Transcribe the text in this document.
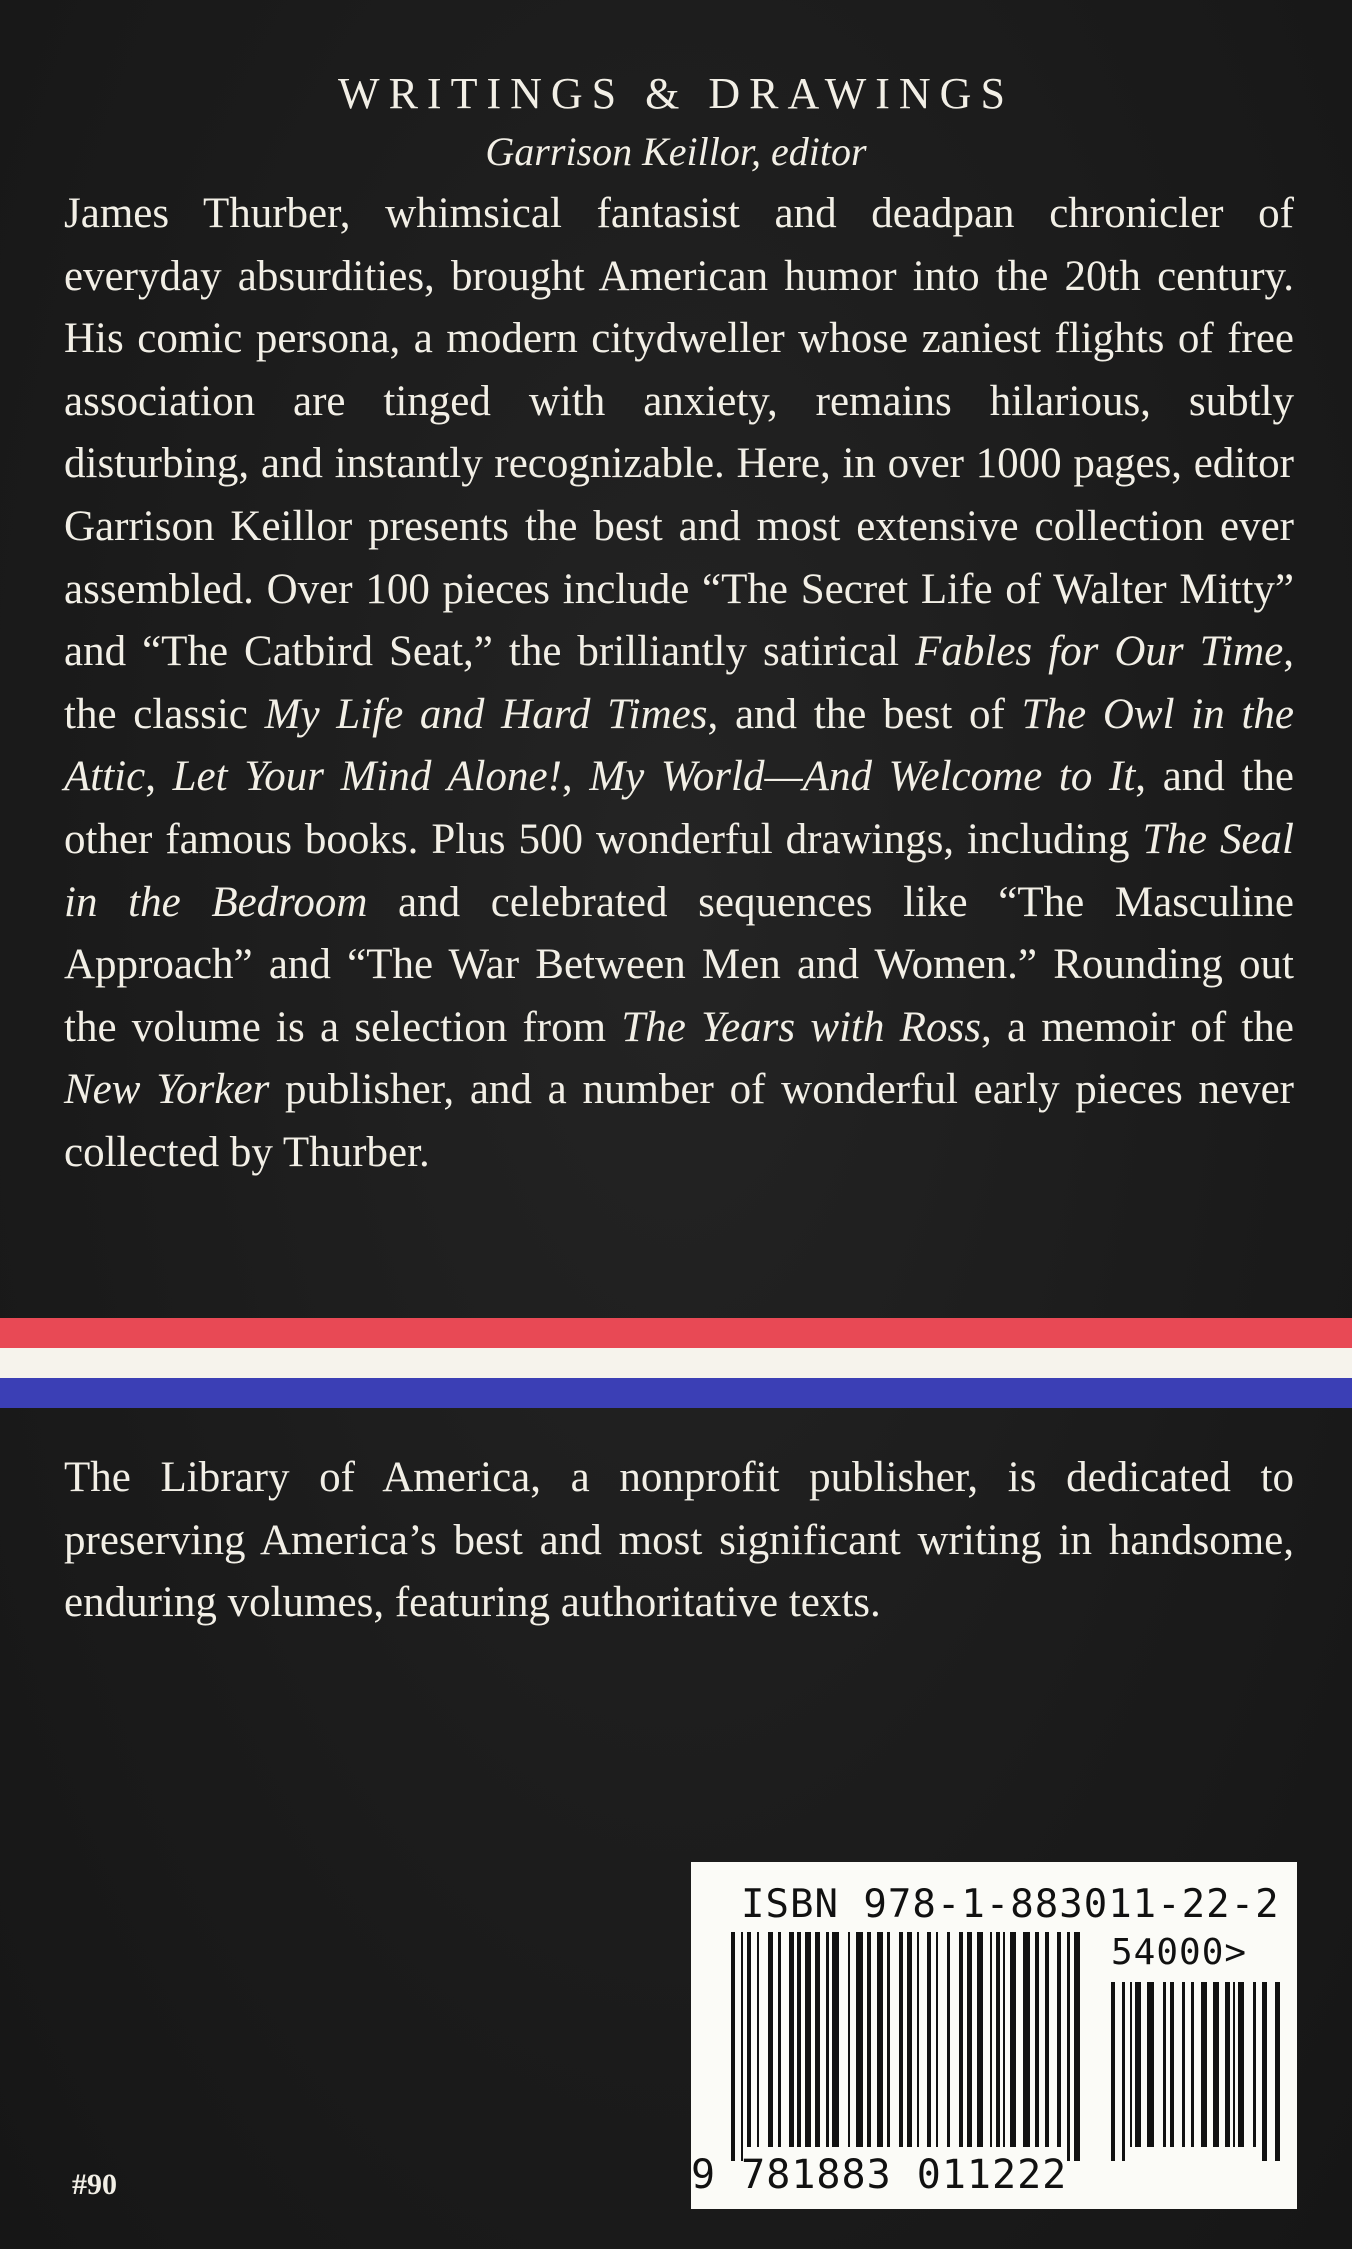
WRITINGS & DRAWINGS
Garrison Keillor, editor
James Thurber, whimsical fantasist and deadpan chronicler of everyday absurdities, brought American humor into the 20th century. His comic persona, a modern citydweller whose zaniest flights of free association are tinged with anxiety, remains hilarious, subtly disturbing, and instantly recognizable. Here, in over 1000 pages, editor Garrison Keillor presents the best and most extensive collection ever assembled. Over 100 pieces include “The Secret Life of Walter Mitty” and “The Catbird Seat,” the brilliantly satirical Fables for Our Time, the classic My Life and Hard Times, and the best of The Owl in the Attic, Let Your Mind Alone!, My World—And Welcome to It, and the other famous books. Plus 500 wonderful drawings, including The Seal in the Bedroom and celebrated sequences like “The Masculine Approach” and “The War Between Men and Women.” Rounding out the volume is a selection from The Years with Ross, a memoir of the New Yorker publisher, and a number of wonderful early pieces never collected by Thurber.
The Library of America, a nonprofit publisher, is dedicated to preserving America’s best and most significant writing in handsome, enduring volumes, featuring authoritative texts.
#90
ISBN 978-1-883011-22-2
54000>
9 781883 011222
